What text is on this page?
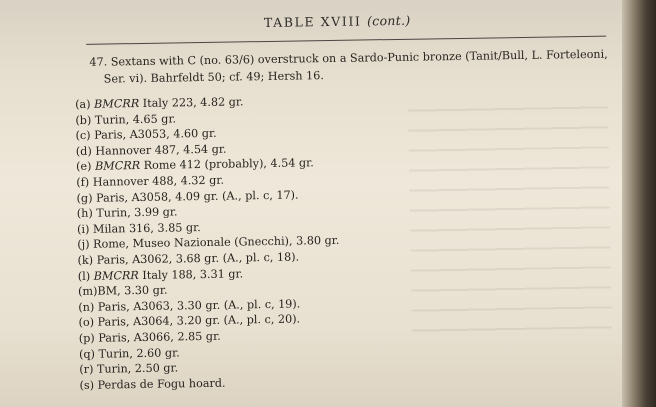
TABLE XVIII (cont.)
47. Sextans with C (no. 63/6) overstruck on a Sardo-Punic bronze (Tanit/Bull, L. Forteleoni,
Ser. vi). Bahrfeldt 50; cf. 49; Hersh 16.
(a) BMCRR Italy 223, 4.82 gr.
(b) Turin, 4.65 gr.
(c) Paris, A3053, 4.60 gr.
(d) Hannover 487, 4.54 gr.
(e) BMCRR Rome 412 (probably), 4.54 gr.
(f) Hannover 488, 4.32 gr.
(g) Paris, A3058, 4.09 gr. (A., pl. c, 17).
(h) Turin, 3.99 gr.
(i) Milan 316, 3.85 gr.
(j) Rome, Museo Nazionale (Gnecchi), 3.80 gr.
(k) Paris, A3062, 3.68 gr. (A., pl. c, 18).
(l) BMCRR Italy 188, 3.31 gr.
(m)BM, 3.30 gr.
(n) Paris, A3063, 3.30 gr. (A., pl. c, 19).
(o) Paris, A3064, 3.20 gr. (A., pl. c, 20).
(p) Paris, A3066, 2.85 gr.
(q) Turin, 2.60 gr.
(r) Turin, 2.50 gr.
(s) Perdas de Fogu hoard.
